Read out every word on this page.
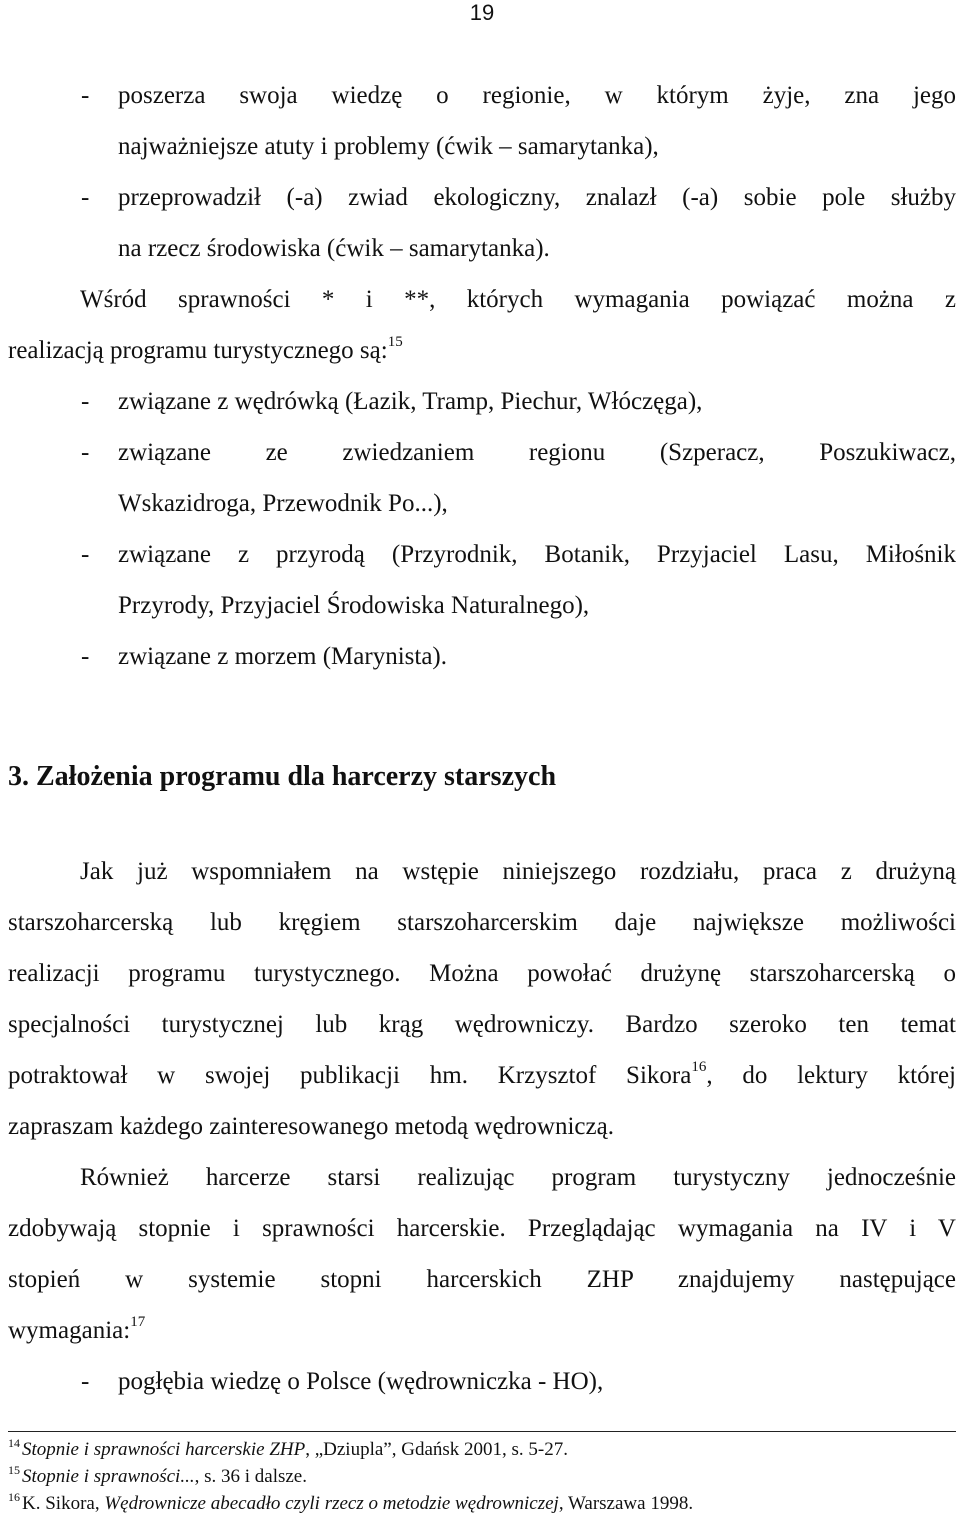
19
- poszerza swoja wiedzę o regionie, w którym żyje, zna jego
najważniejsze atuty i problemy (ćwik – samarytanka),
- przeprowadził (-a) zwiad ekologiczny, znalazł (-a) sobie pole służby
na rzecz środowiska (ćwik – samarytanka).
Wśród sprawności * i **, których wymagania powiązać można z
realizacją programu turystycznego są:$^{15}$
- związane z wędrówką (Łazik, Tramp, Piechur, Włóczęga),
- związane ze zwiedzaniem regionu (Szperacz, Poszukiwacz,
Wskazidroga, Przewodnik Po...),
- związane z przyrodą (Przyrodnik, Botanik, Przyjaciel Lasu, Miłośnik
Przyrody, Przyjaciel Środowiska Naturalnego),
- związane z morzem (Marynista).
3. Założenia programu dla harcerzy starszych
Jak już wspomniałem na wstępie niniejszego rozdziału, praca z drużyną
starszoharcerską lub kręgiem starszoharcerskim daje największe możliwości
realizacji programu turystycznego. Można powołać drużynę starszoharcerską o
specjalności turystycznej lub krąg wędrowniczy. Bardzo szeroko ten temat
potraktował w swojej publikacji hm. Krzysztof Sikora$^{16}$, do lektury której
zapraszam każdego zainteresowanego metodą wędrowniczą.
Również harcerze starsi realizując program turystyczny jednocześnie
zdobywają stopnie i sprawności harcerskie. Przeglądając wymagania na IV i V
stopień w systemie stopni harcerskich ZHP znajdujemy następujące
wymagania:$^{17}$
- pogłębia wiedzę o Polsce (wędrowniczka - HO),
$^{14}$ Stopnie i sprawności harcerskie ZHP, „Dziupla”, Gdańsk 2001, s. 5-27.
$^{15}$ Stopnie i sprawności..., s. 36 i dalsze.
$^{16}$ K. Sikora, Wędrownicze abecadło czyli rzecz o metodzie wędrowniczej, Warszawa 1998.
